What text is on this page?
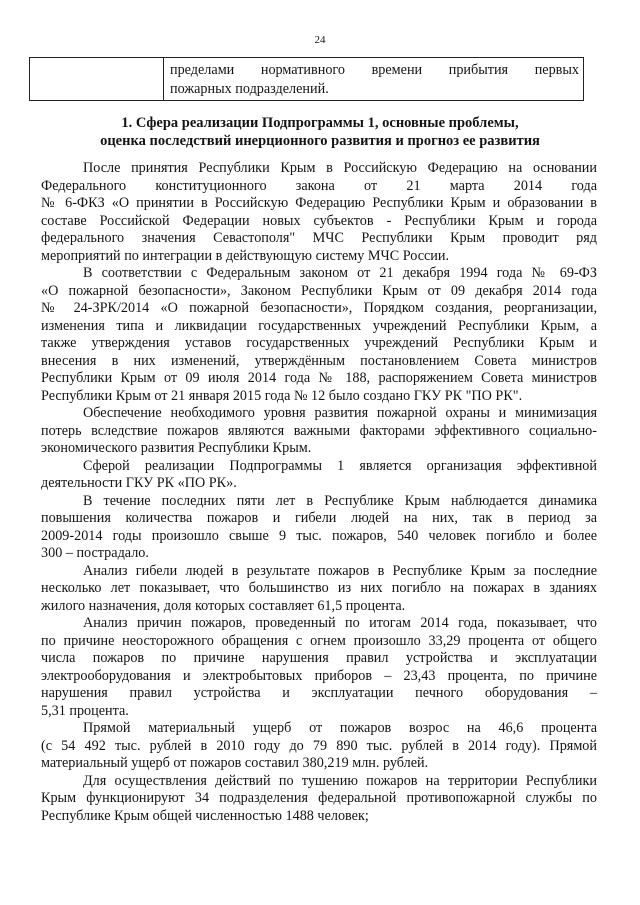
24

пределами нормативного времени прибытия первых
пожарных подразделений.
1. Сфера реализации Подпрограммы 1, основные проблемы,
оценка последствий инерционного развития и прогноз ее развития

После принятия Республики Крым в Российскую Федерацию на основании
Федерального конституционного закона от 21 марта 2014 года
№ 6-ФКЗ «О принятии в Российскую Федерацию Республики Крым и образовании в
составе Российской Федерации новых субъектов - Республики Крым и города
федерального значения Севастополя" МЧС Республики Крым проводит ряд
мероприятий по интеграции в действующую систему МЧС России.

В соответствии с Федеральным законом от 21 декабря 1994 года № 69-ФЗ
«О пожарной безопасности», Законом Республики Крым от 09 декабря 2014 года
№ 24-ЗРК/2014 «О пожарной безопасности», Порядком создания, реорганизации,
изменения типа и ликвидации государственных учреждений Республики Крым, а
также утверждения уставов государственных учреждений Республики Крым и
внесения в них изменений, утверждённым постановлением Совета министров
Республики Крым от 09 июля 2014 года № 188, распоряжением Совета министров
Республики Крым от 21 января 2015 года № 12 было создано ГКУ РК "ПО РК".

Обеспечение необходимого уровня развития пожарной охраны и минимизация
потерь вследствие пожаров являются важными факторами эффективного социально-
экономического развития Республики Крым.

Сферой реализации Подпрограммы 1 является организация эффективной
деятельности ГКУ РК «ПО РК».

В течение последних пяти лет в Республике Крым наблюдается динамика
повышения количества пожаров и гибели людей на них, так в период за
2009-2014 годы произошло свыше 9 тыс. пожаров, 540 человек погибло и более
300 – пострадало.

Анализ гибели людей в результате пожаров в Республике Крым за последние
несколько лет показывает, что большинство из них погибло на пожарах в зданиях
жилого назначения, доля которых составляет 61,5 процента.

Анализ причин пожаров, проведенный по итогам 2014 года, показывает, что
по причине неосторожного обращения с огнем произошло 33,29 процента от общего
числа пожаров по причине нарушения правил устройства и эксплуатации
электрооборудования и электробытовых приборов – 23,43 процента, по причине
нарушения правил устройства и эксплуатации печного оборудования –
5,31 процента.

Прямой материальный ущерб от пожаров возрос на 46,6 процента
(с 54 492 тыс. рублей в 2010 году до 79 890 тыс. рублей в 2014 году). Прямой
материальный ущерб от пожаров составил 380,219 млн. рублей.

Для осуществления действий по тушению пожаров на территории Республики
Крым функционируют 34 подразделения федеральной противопожарной службы по
Республике Крым общей численностью 1488 человек;
